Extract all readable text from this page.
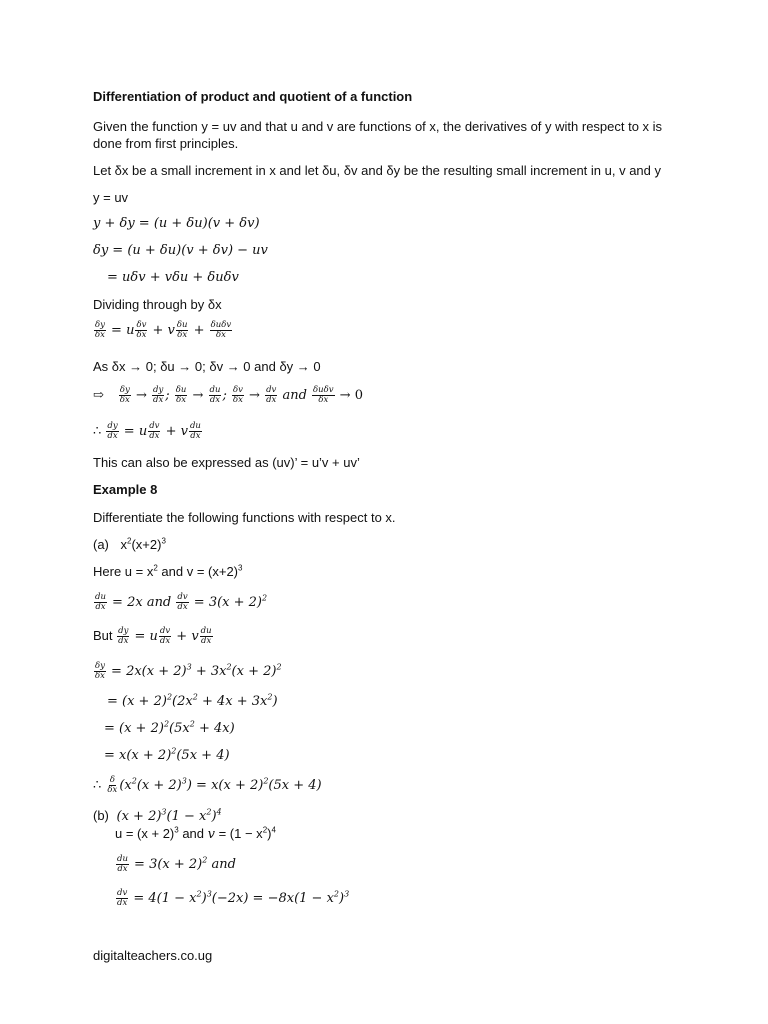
Differentiation of product and quotient of a function
Given the function y = uv and that u and v are functions of x, the derivatives of y with respect to x is done from first principles.
Let δx be a small increment in x and let δu, δv and δy be the resulting small increment in u, v and y
y = uv
y + δy = (u + δu)(v + δv)
δy = (u + δu)(v + δv) − uv
= uδv + vδu + δuδv
Dividing through by δx
$\frac{\delta y}{\delta x} = u \frac{\delta v}{\delta x} + v \frac{\delta u}{\delta x} + \frac{\text{δuδv}}{\delta x}$
As δx → 0; δu → 0; δv → 0 and δy → 0
⇨ $\frac{\delta y}{\delta x} \to \frac{dy}{dx}$ ; $\frac{\delta u}{\delta x} \to \frac{du}{dx}$ ; $\frac{\delta v}{\delta x} \to \frac{dv}{dx}$ and $\frac{\text{δuδv}}{\delta x} \to 0$
∴ $\frac{dy}{dx} = u \frac{dv}{dx} + v \frac{du}{dx}$
This can also be expressed as (uv)’ = u’v + uv’
Example 8
Differentiate the following functions with respect to x.
(a) $x^2(x+2)^3$
Here $u = x^2$ and $v = (x+2)^3$
$\frac{du}{dx} = 2x$ and $\frac{dv}{dx} = 3(x + 2)^2$
But $\frac{dy}{dx} = u \frac{dv}{dx} + v \frac{du}{dx}$
$\frac{\delta y}{\delta x} = 2x(x + 2)^3 + 3x^2(x + 2)^2$
= $(x + 2)^2(2x^2 + 4x + 3x^2)$
= $(x + 2)^2(5x^2 + 4x)$
= $x(x + 2)^2(5x + 4)$
∴ $\frac{\delta}{\delta x} (x^2(x + 2)^3) = x(x + 2)^2(5x + 4)$
(b) $(x + 2)^3(1 - x^2)^4$
$u = (x + 2)^3$ and $v = (1 - x^2)^4$
$\frac{du}{dx} = 3(x + 2)^2$ and
$\frac{dv}{dx} = 4(1 - x^2)^3(-2x) = -8x(1 - x^2)^3$
digitalteachers.co.ug
